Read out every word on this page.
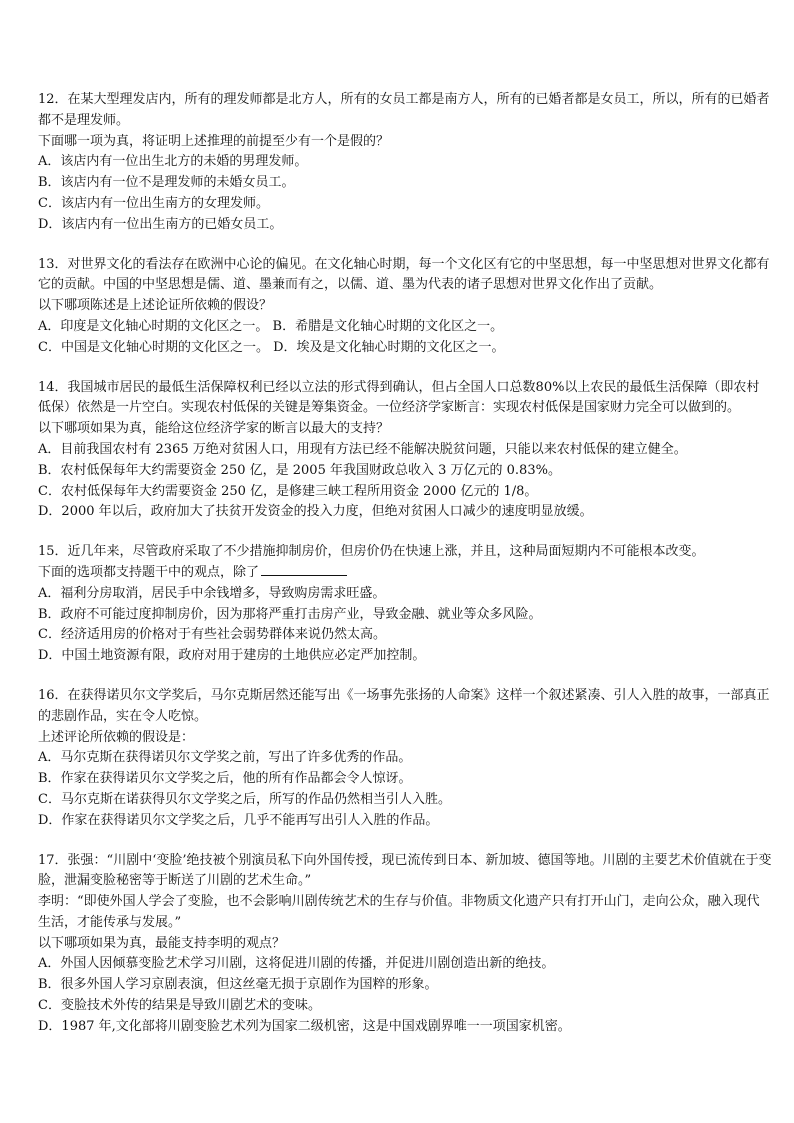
12．在某大型理发店内，所有的理发师都是北方人，所有的女员工都是南方人，所有的已婚者都是女员工，所以，所有的已婚者都不是理发师。
下面哪一项为真，将证明上述推理的前提至少有一个是假的？
A．该店内有一位出生北方的未婚的男理发师。
B．该店内有一位不是理发师的未婚女员工。
C．该店内有一位出生南方的女理发师。
D．该店内有一位出生南方的已婚女员工。
13．对世界文化的看法存在欧洲中心论的偏见。在文化轴心时期，每一个文化区有它的中坚思想，每一中坚思想对世界文化都有它的贡献。中国的中坚思想是儒、道、墨兼而有之，以儒、道、墨为代表的诸子思想对世界文化作出了贡献。
以下哪项陈述是上述论证所依赖的假设？
A．印度是文化轴心时期的文化区之一。 B．希腊是文化轴心时期的文化区之一。
C．中国是文化轴心时期的文化区之一。 D．埃及是文化轴心时期的文化区之一。
14．我国城市居民的最低生活保障权利已经以立法的形式得到确认，但占全国人口总数80%以上农民的最低生活保障（即农村低保）依然是一片空白。实现农村低保的关键是筹集资金。一位经济学家断言：实现农村低保是国家财力完全可以做到的。
以下哪项如果为真，能给这位经济学家的断言以最大的支持？
A．目前我国农村有 2365 万绝对贫困人口，用现有方法已经不能解决脱贫问题，只能以来农村低保的建立健全。
B．农村低保每年大约需要资金 250 亿，是 2005 年我国财政总收入 3 万亿元的 0.83%。
C．农村低保每年大约需要资金 250 亿，是修建三峡工程所用资金 2000 亿元的 1/8。
D．2000 年以后，政府加大了扶贫开发资金的投入力度，但绝对贫困人口减少的速度明显放缓。
15．近几年来，尽管政府采取了不少措施抑制房价，但房价仍在快速上涨，并且，这种局面短期内不可能根本改变。
下面的选项都支持题干中的观点，除了
A．福利分房取消，居民手中余钱增多，导致购房需求旺盛。
B．政府不可能过度抑制房价，因为那将严重打击房产业，导致金融、就业等众多风险。
C．经济适用房的价格对于有些社会弱势群体来说仍然太高。
D．中国土地资源有限，政府对用于建房的土地供应必定严加控制。
16．在获得诺贝尔文学奖后，马尔克斯居然还能写出《一场事先张扬的人命案》这样一个叙述紧凑、引人入胜的故事，一部真正的悲剧作品，实在令人吃惊。
上述评论所依赖的假设是：
A．马尔克斯在获得诺贝尔文学奖之前，写出了许多优秀的作品。
B．作家在获得诺贝尔文学奖之后，他的所有作品都会令人惊讶。
C．马尔克斯在诺获得贝尔文学奖之后，所写的作品仍然相当引人入胜。
D．作家在获得诺贝尔文学奖之后，几乎不能再写出引人入胜的作品。
17．张强：“川剧中‘变脸’绝技被个别演员私下向外国传授，现已流传到日本、新加坡、德国等地。川剧的主要艺术价值就在于变脸，泄漏变脸秘密等于断送了川剧的艺术生命。”
李明：“即使外国人学会了变脸，也不会影响川剧传统艺术的生存与价值。非物质文化遗产只有打开山门，走向公众，融入现代生活，才能传承与发展。”
以下哪项如果为真，最能支持李明的观点？
A．外国人因倾慕变脸艺术学习川剧，这将促进川剧的传播，并促进川剧创造出新的绝技。
B．很多外国人学习京剧表演，但这丝毫无损于京剧作为国粹的形象。
C．变脸技术外传的结果是导致川剧艺术的变味。
D．1987 年,文化部将川剧变脸艺术列为国家二级机密，这是中国戏剧界唯一一项国家机密。
